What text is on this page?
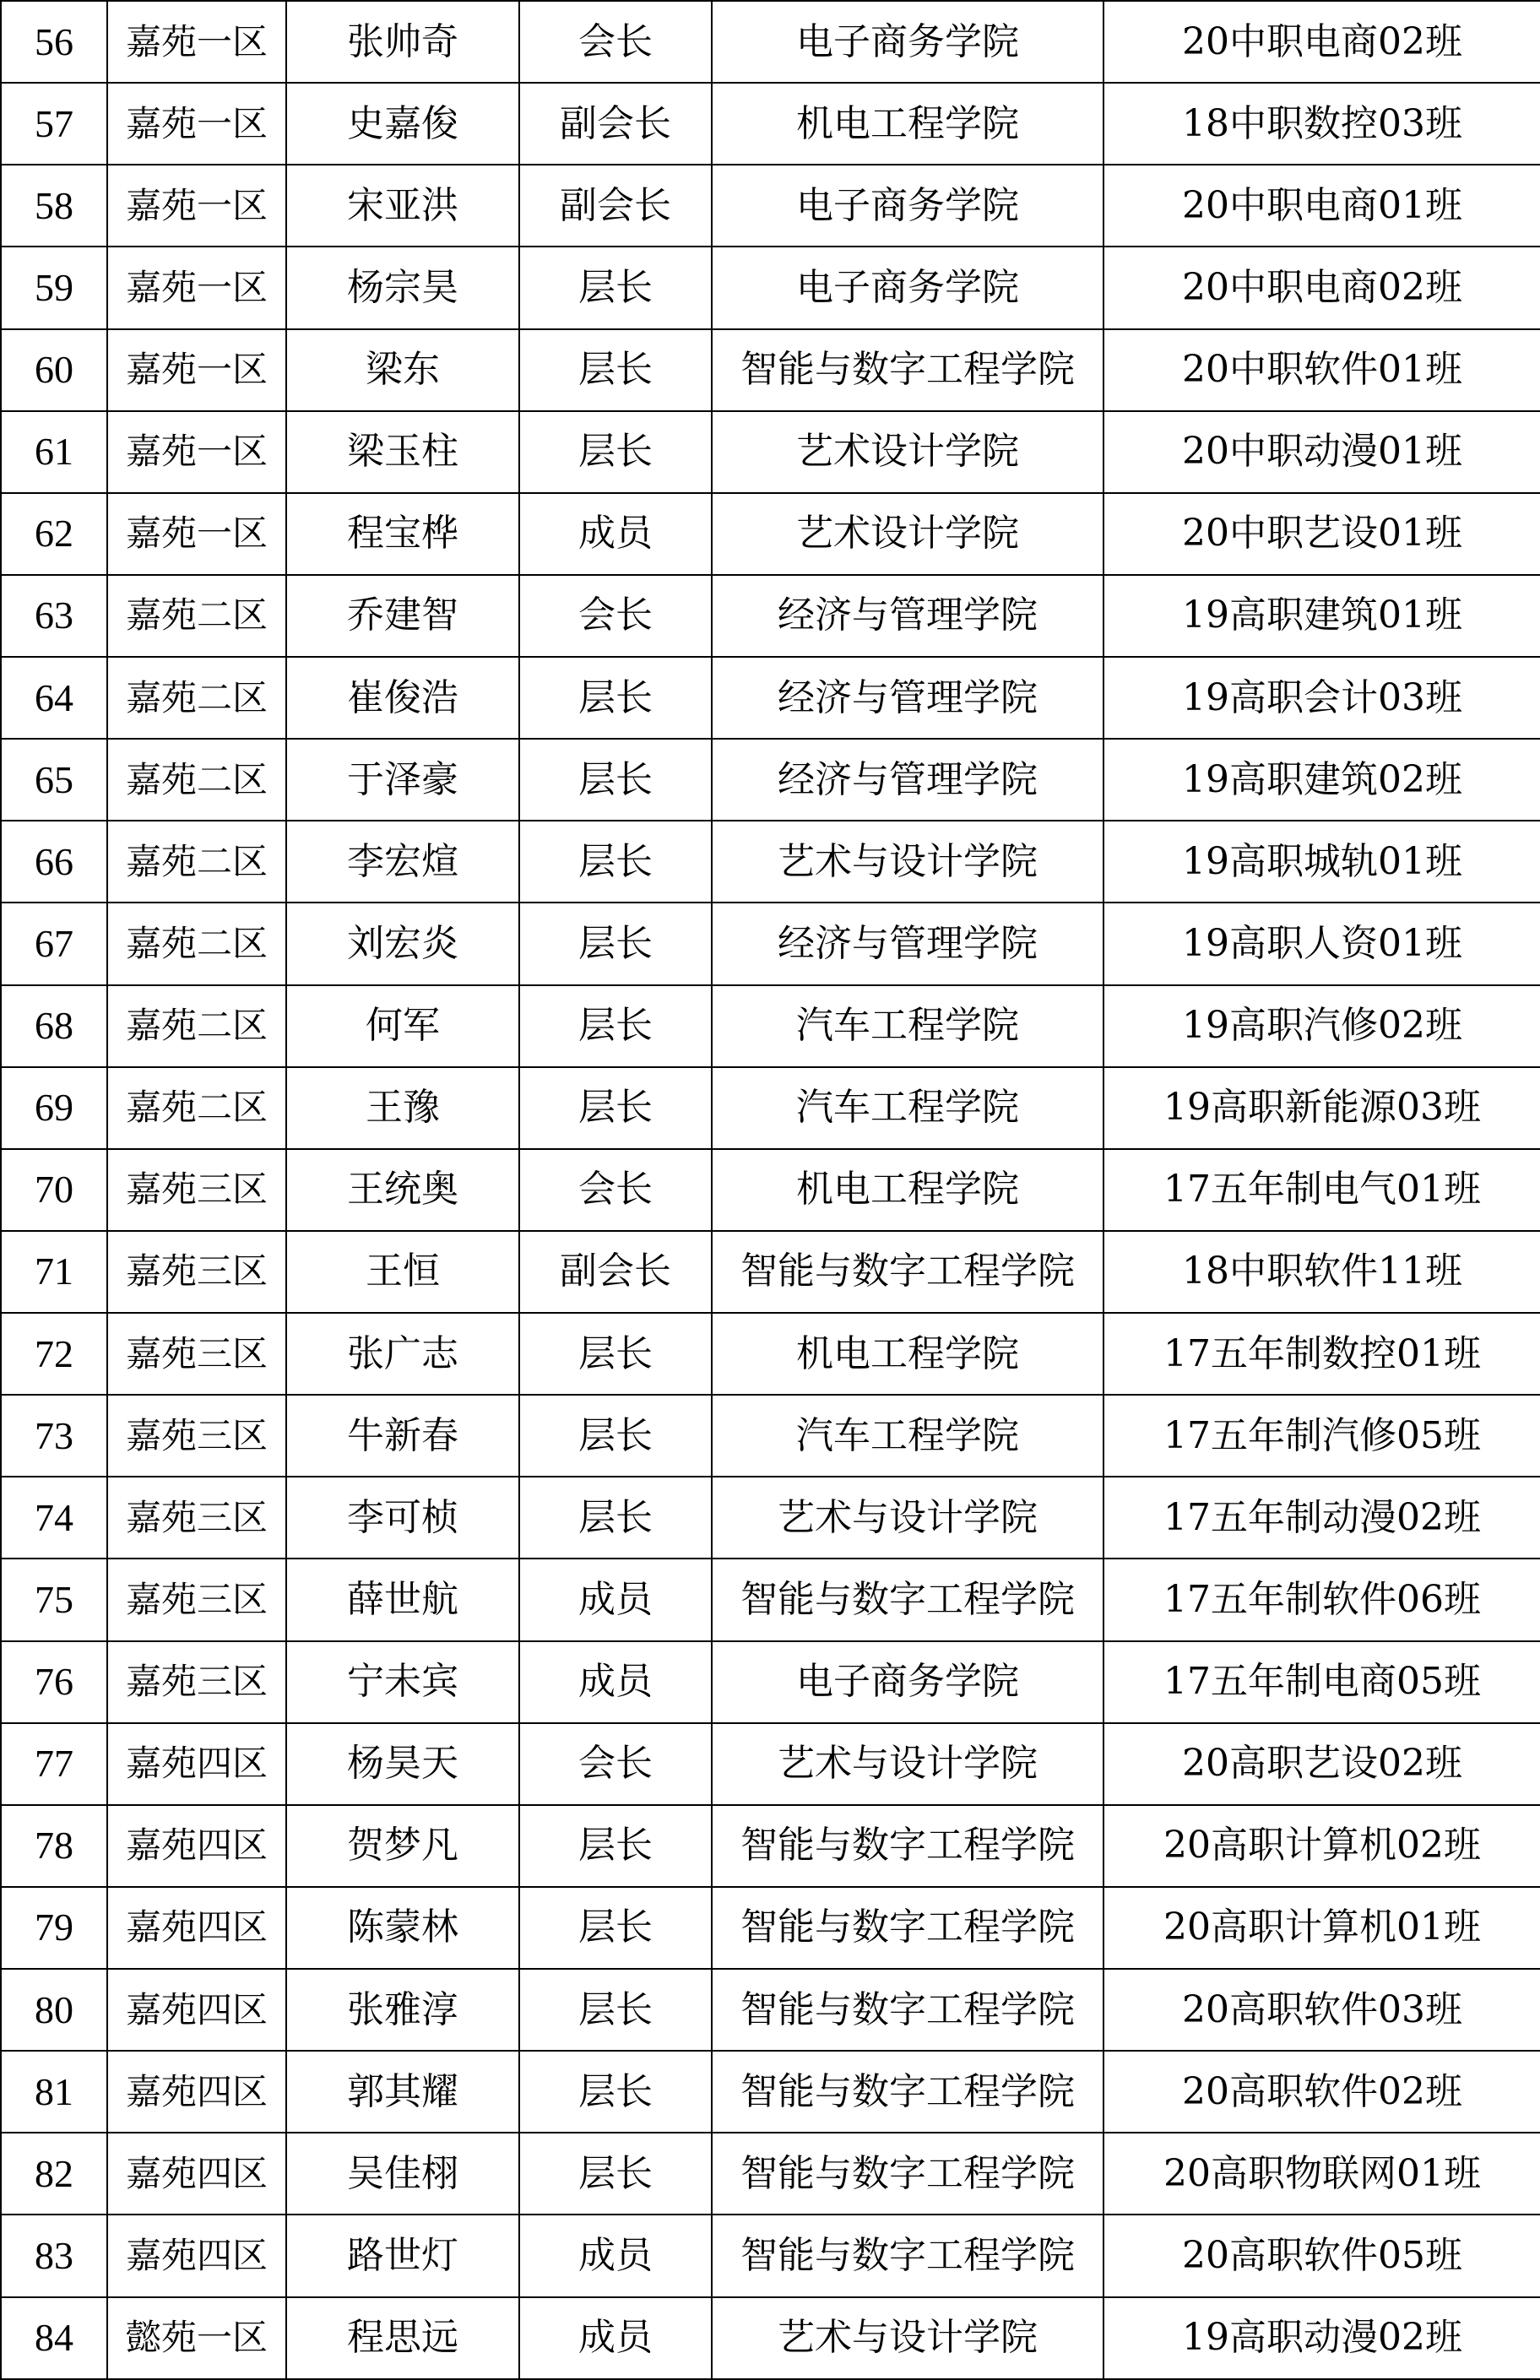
56	嘉苑一区	张帅奇	会长	电子商务学院	20中职电商02班
57	嘉苑一区	史嘉俊	副会长	机电工程学院	18中职数控03班
58	嘉苑一区	宋亚洪	副会长	电子商务学院	20中职电商01班
59	嘉苑一区	杨宗昊	层长	电子商务学院	20中职电商02班
60	嘉苑一区	梁东	层长	智能与数字工程学院	20中职软件01班
61	嘉苑一区	梁玉柱	层长	艺术设计学院	20中职动漫01班
62	嘉苑一区	程宝桦	成员	艺术设计学院	20中职艺设01班
63	嘉苑二区	乔建智	会长	经济与管理学院	19高职建筑01班
64	嘉苑二区	崔俊浩	层长	经济与管理学院	19高职会计03班
65	嘉苑二区	于泽豪	层长	经济与管理学院	19高职建筑02班
66	嘉苑二区	李宏煊	层长	艺术与设计学院	19高职城轨01班
67	嘉苑二区	刘宏炎	层长	经济与管理学院	19高职人资01班
68	嘉苑二区	何军	层长	汽车工程学院	19高职汽修02班
69	嘉苑二区	王豫	层长	汽车工程学院	19高职新能源03班
70	嘉苑三区	王统奥	会长	机电工程学院	17五年制电气01班
71	嘉苑三区	王恒	副会长	智能与数字工程学院	18中职软件11班
72	嘉苑三区	张广志	层长	机电工程学院	17五年制数控01班
73	嘉苑三区	牛新春	层长	汽车工程学院	17五年制汽修05班
74	嘉苑三区	李可桢	层长	艺术与设计学院	17五年制动漫02班
75	嘉苑三区	薛世航	成员	智能与数字工程学院	17五年制软件06班
76	嘉苑三区	宁未宾	成员	电子商务学院	17五年制电商05班
77	嘉苑四区	杨昊天	会长	艺术与设计学院	20高职艺设02班
78	嘉苑四区	贺梦凡	层长	智能与数字工程学院	20高职计算机02班
79	嘉苑四区	陈蒙林	层长	智能与数字工程学院	20高职计算机01班
80	嘉苑四区	张雅淳	层长	智能与数字工程学院	20高职软件03班
81	嘉苑四区	郭其耀	层长	智能与数字工程学院	20高职软件02班
82	嘉苑四区	吴佳栩	层长	智能与数字工程学院	20高职物联网01班
83	嘉苑四区	路世灯	成员	智能与数字工程学院	20高职软件05班
84	懿苑一区	程思远	成员	艺术与设计学院	19高职动漫02班
